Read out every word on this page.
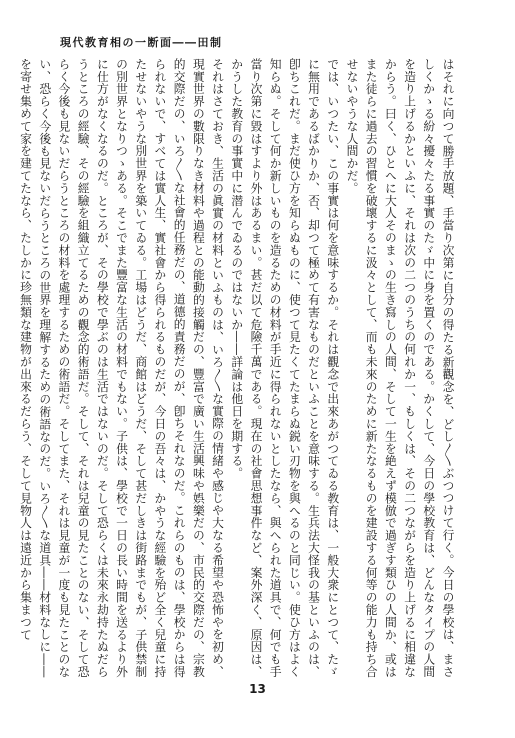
現代教育相の一断面――田制

はそれに向つて勝手放題、手當り次第に自分の得たる新觀念を、どし〳〵ぶつつけて行く。今日の學校は、まさしくかゝる紛々擾々たる事實のたゞ中に身を置くのである。かくして、今日の學校教育は、どんなタイプの人間を造り上げるかといふに、それは次の二つのうちの何れか一、もしくは、その二つながらを造り上げるに相違なからう。曰く、ひとへに大人そのまゝの生き寫しの人間、そして一生を絶えず模倣で過ぎす類ひの人間か、或はまた徒らに過去の習慣を破壞するに汲々として、而も未來のために新たなるものを建設する何等の能力も持ち合せないやうな人間かだ。

では、いつたい、この事實は何を意味するか。それは觀念で出來あがつてゐる教育は、一般大衆にとつて、たゞに無用であるばかりか、否、却つて極めて有害なものだといふことを意味する。生兵法大怪我の基といふのは、卽ちこれだ。まだ使ひ方を知らぬものに、使つて見たくてたまらぬ鋭い刃物を與へるのと同じい。使ひ方はよく知らぬ。そして何か新しいものを造るための材料が手近に得られないとしたなら、與へられた道具で、何でも手當り次第に毀はすより外はあるまい。甚だ以て危險千萬である。現在の社會思想事件など、案外深く、原因は、かうした教育の事實中に潜んでゐるのではないか――詳論は他日を期する。

それはさておき、生活の眞實の材料といふものは、いろ〳〵な實際の情緒や感じや大なる希望や恐怖やを初め、現實世界の數限りなき材料や過程との能動的接觸だの、豐富で廣い生活興味や娯樂だの、市民的交際だの、宗教的交際だの、いろ〳〵な社會的任務だの、道德的責務だのが、卽ちそれなのだ。これらのものは、學校からは得られないで、すべては實人生、實社會から得られるものだが、今日の吾々は、かやうな經驗を殆ど全く兒童に持たせないやうな別世界を築いてゐる。工場はどうだ、商館はどうだ、そして甚だしきは街路までもが、子供禁制の別世界となりつゝある。そこでまた豐富な生活の材料でもない。子供は、學校で一日の長い時間を送るより外に仕方がなくなるのだ。ところが、その學校で學ぶのは生活ではないのだ。そして恐らくは未來永劫持たぬだらうところの經驗、その經驗を組織立てるための觀念的術語だ。そして、それは兒童の見たことのない、そして恐らく今後も見ないだらうところの材料を處理するための術語だ。そしてまた、それは見童が一度も見たことのない、恐らく今後も見ないだらうところの世界を理解するための術語なのだ。いろ〳〵な道具――材料なしに――を寄せ集めて家を建てたなら、たしかに珍無類な建物が出來るだらう、そして見物人は遠近から集まつて

13
